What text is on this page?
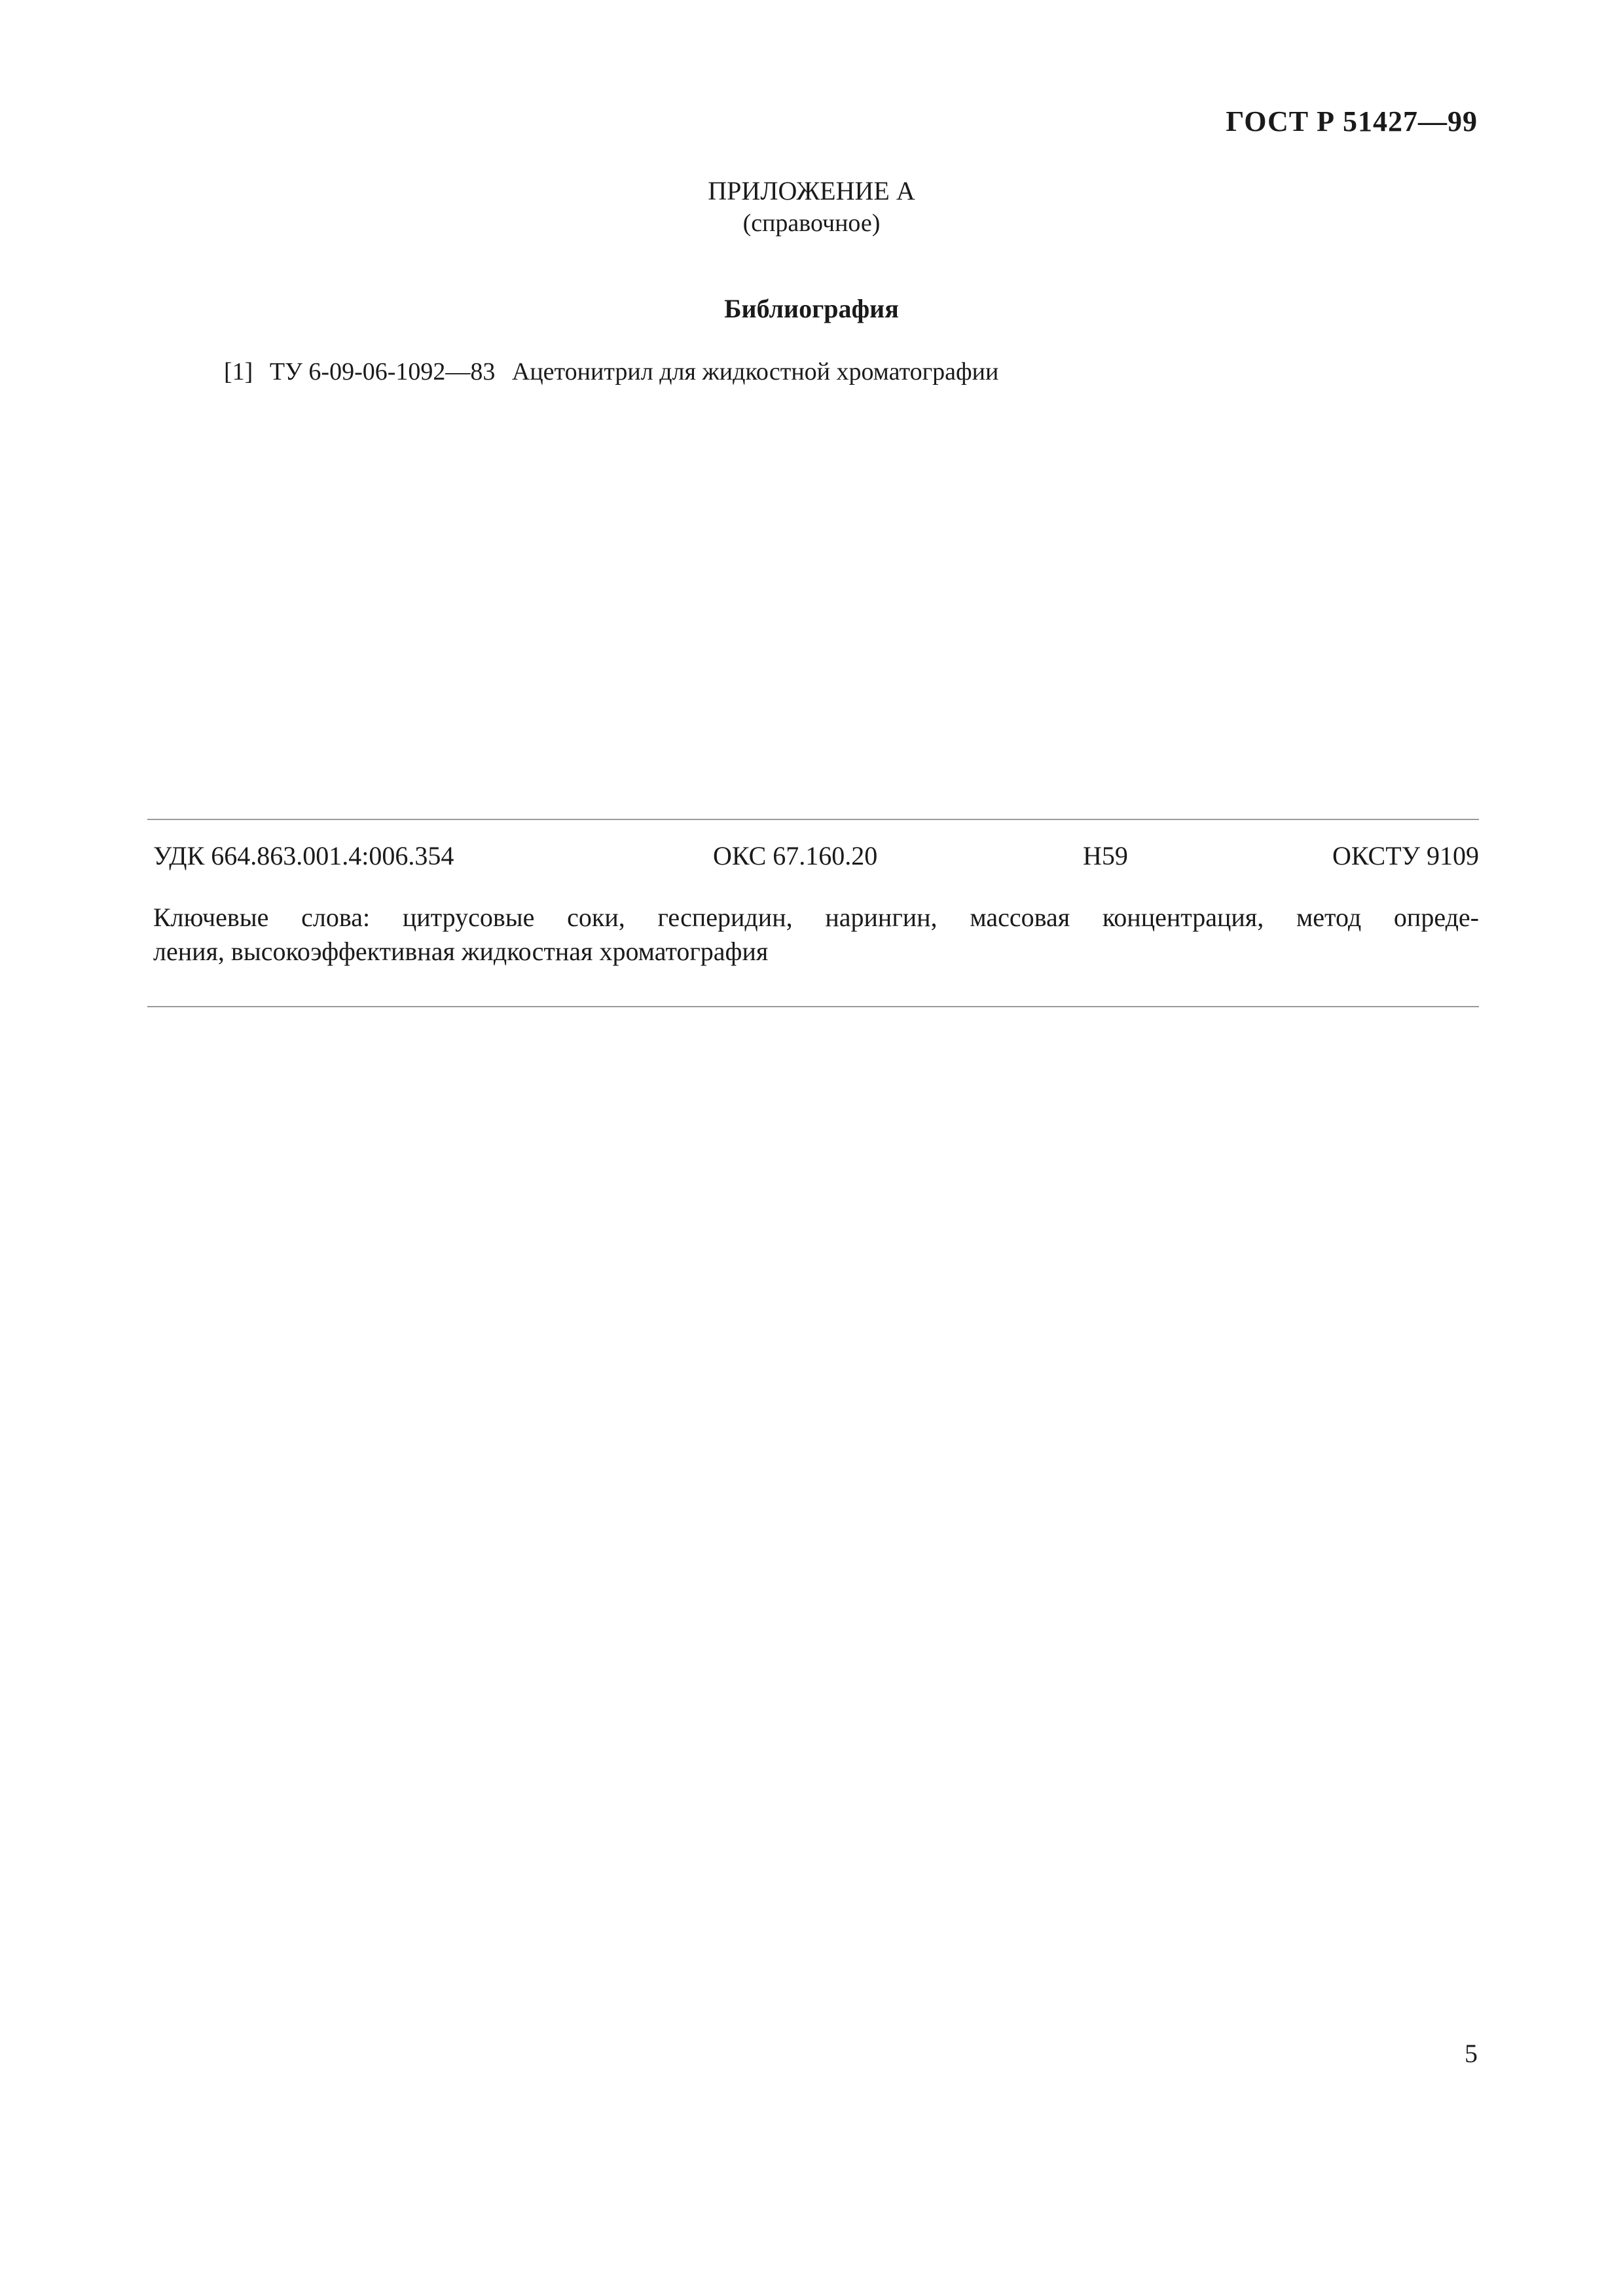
ГОСТ Р 51427—99
ПРИЛОЖЕНИЕ А
(справочное)
Библиография
[1] ТУ 6-09-06-1092—83 Ацетонитрил для жидкостной хроматографии
УДК 664.863.001.4:006.354	ОКС 67.160.20	Н59	ОКСТУ 9109
Ключевые слова: цитрусовые соки, гесперидин, нарингин, массовая концентрация, метод опреде-
ления, высокоэффективная жидкостная хроматография
5
